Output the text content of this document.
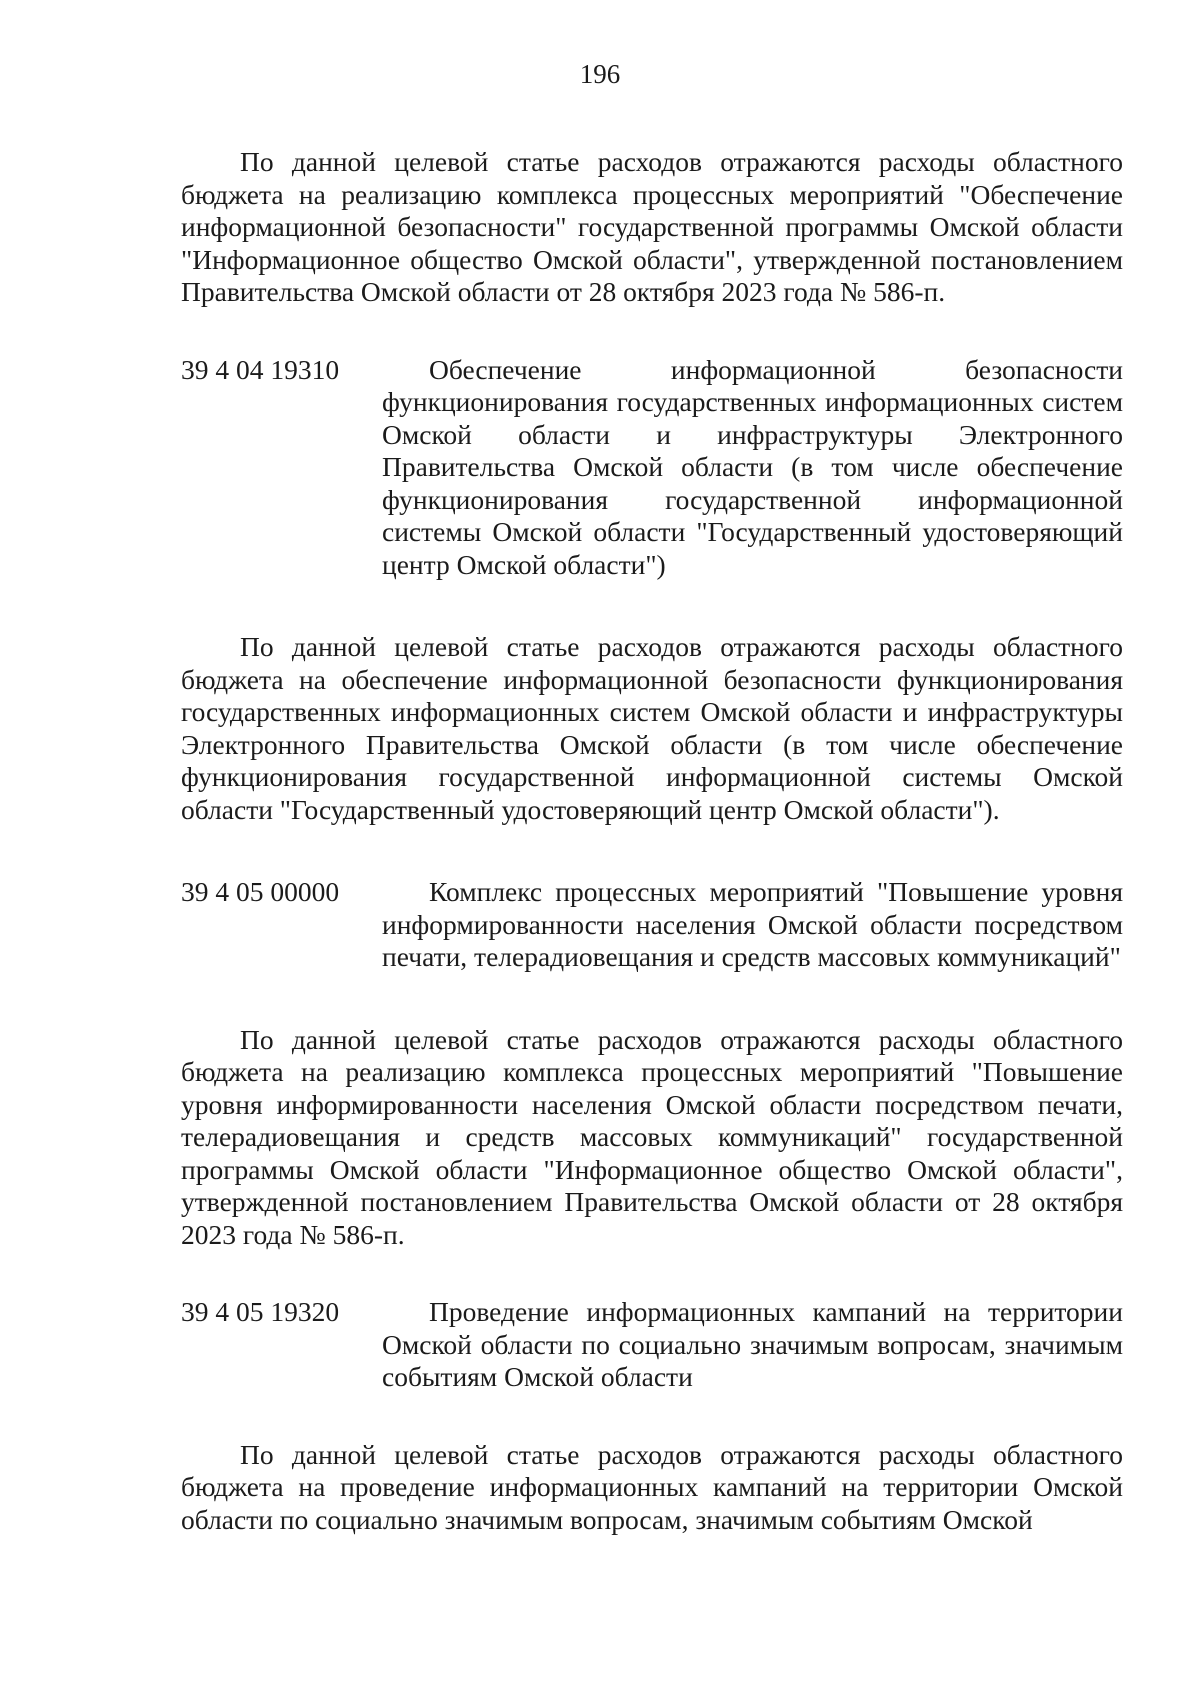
196

По данной целевой статье расходов отражаются расходы областного бюджета на реализацию комплекса процессных мероприятий "Обеспечение информационной безопасности" государственной программы Омской области "Информационное общество Омской области", утвержденной постановлением Правительства Омской области от 28 октября 2023 года № 586-п.

39 4 04 19310	Обеспечение информационной безопасности функционирования государственных информационных систем Омской области и инфраструктуры Электронного Правительства Омской области (в том числе обеспечение функционирования государственной информационной системы Омской области "Государственный удостоверяющий центр Омской области")

По данной целевой статье расходов отражаются расходы областного бюджета на обеспечение информационной безопасности функционирования государственных информационных систем Омской области и инфраструктуры Электронного Правительства Омской области (в том числе обеспечение функционирования государственной информационной системы Омской области "Государственный удостоверяющий центр Омской области").

39 4 05 00000	Комплекс процессных мероприятий "Повышение уровня информированности населения Омской области посредством печати, телерадиовещания и средств массовых коммуникаций"

По данной целевой статье расходов отражаются расходы областного бюджета на реализацию комплекса процессных мероприятий "Повышение уровня информированности населения Омской области посредством печати, телерадиовещания и средств массовых коммуникаций" государственной программы Омской области "Информационное общество Омской области", утвержденной постановлением Правительства Омской области от 28 октября 2023 года № 586-п.

39 4 05 19320	Проведение информационных кампаний на территории Омской области по социально значимым вопросам, значимым событиям Омской области

По данной целевой статье расходов отражаются расходы областного бюджета на проведение информационных кампаний на территории Омской области по социально значимым вопросам, значимым событиям Омской
